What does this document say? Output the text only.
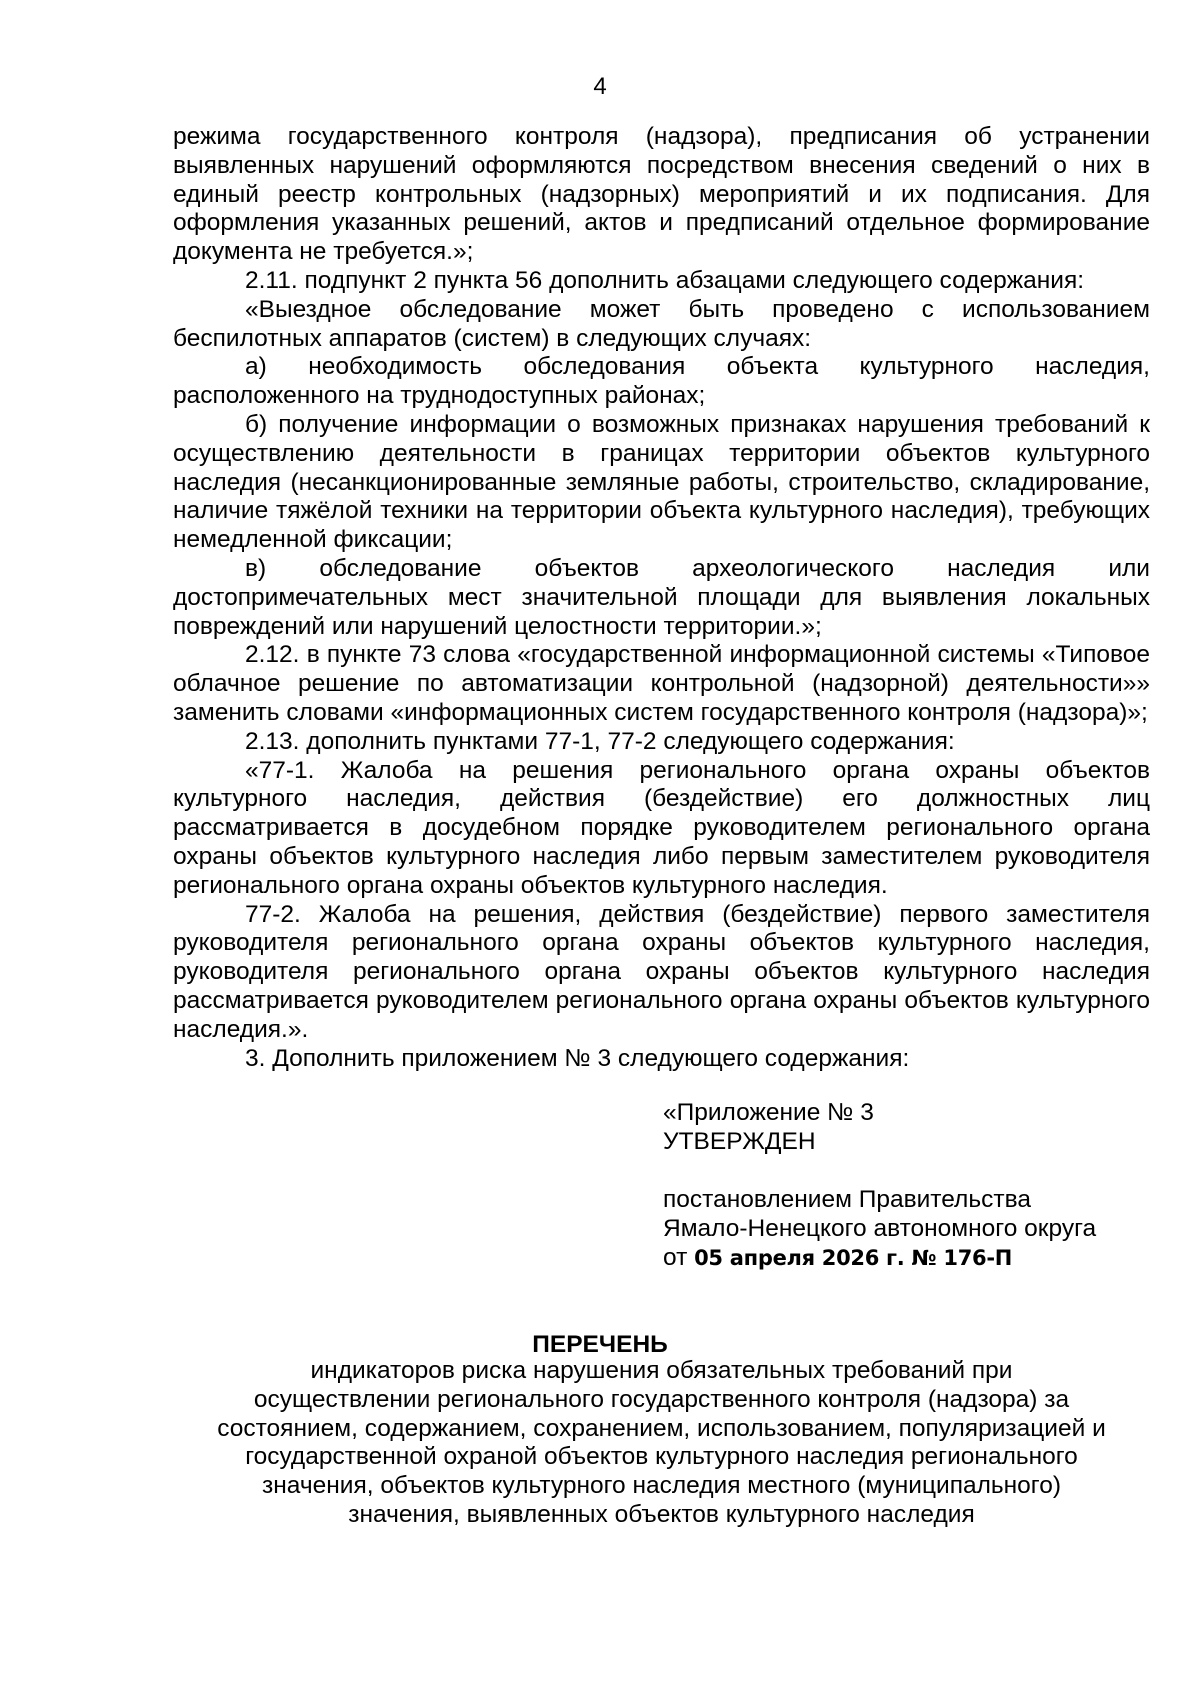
4

режима государственного контроля (надзора), предписания об устранении выявленных нарушений оформляются посредством внесения сведений о них в единый реестр контрольных (надзорных) мероприятий и их подписания. Для оформления указанных решений, актов и предписаний отдельное формирование документа не требуется.»;

2.11. подпункт 2 пункта 56 дополнить абзацами следующего содержания:

«Выездное обследование может быть проведено с использованием беспилотных аппаратов (систем) в следующих случаях:

а) необходимость обследования объекта культурного наследия, расположенного на труднодоступных районах;

б) получение информации о возможных признаках нарушения требований к осуществлению деятельности в границах территории объектов культурного наследия (несанкционированные земляные работы, строительство, складирование, наличие тяжёлой техники на территории объекта культурного наследия), требующих немедленной фиксации;

в) обследование объектов археологического наследия или достопримечательных мест значительной площади для выявления локальных повреждений или нарушений целостности территории.»;

2.12. в пункте 73 слова «государственной информационной системы «Типовое облачное решение по автоматизации контрольной (надзорной) деятельности»» заменить словами «информационных систем государственного контроля (надзора)»;

2.13. дополнить пунктами 77-1, 77-2 следующего содержания:

«77-1. Жалоба на решения регионального органа охраны объектов культурного наследия, действия (бездействие) его должностных лиц рассматривается в досудебном порядке руководителем регионального органа охраны объектов культурного наследия либо первым заместителем руководителя регионального органа охраны объектов культурного наследия.

77-2. Жалоба на решения, действия (бездействие) первого заместителя руководителя регионального органа охраны объектов культурного наследия, руководителя регионального органа охраны объектов культурного наследия рассматривается руководителем регионального органа охраны объектов культурного наследия.».

3. Дополнить приложением № 3 следующего содержания:

«Приложение № 3
УТВЕРЖДЕН
постановлением Правительства
Ямало-Ненецкого автономного округа
от 05 апреля 2026 г. № 176-П
ПЕРЕЧЕНЬ
индикаторов риска нарушения обязательных требований при
осуществлении регионального государственного контроля (надзора) за
состоянием, содержанием, сохранением, использованием, популяризацией и
государственной охраной объектов культурного наследия регионального
значения, объектов культурного наследия местного (муниципального)
значения, выявленных объектов культурного наследия
